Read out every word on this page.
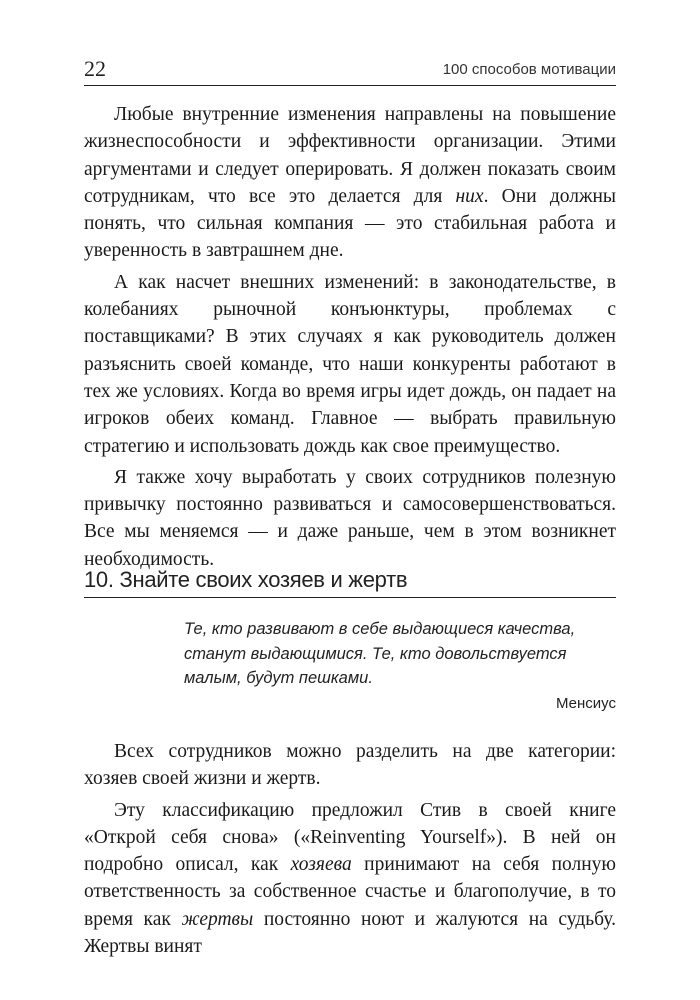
22	100 способов мотивации

Любые внутренние изменения направлены на повышение жизнеспособности и эффективности организации. Этими аргументами и следует оперировать. Я должен показать своим сотрудникам, что все это делается для них. Они должны понять, что сильная компания — это стабильная работа и уверенность в завтрашнем дне.

А как насчет внешних изменений: в законодательстве, в колебаниях рыночной конъюнктуры, проблемах с поставщиками? В этих случаях я как руководитель должен разъяснить своей команде, что наши конкуренты работают в тех же условиях. Когда во время игры идет дождь, он падает на игроков обеих команд. Главное — выбрать правильную стратегию и использовать дождь как свое преимущество.

Я также хочу выработать у своих сотрудников полезную привычку постоянно развиваться и самосовершенствоваться. Все мы меняемся — и даже раньше, чем в этом возникнет необходимость.

10. Знайте своих хозяев и жертв
Те, кто развивают в себе выдающиеся качества,
станут выдающимися. Те, кто довольствуется
малым, будут пешками.
Менсиус

Всех сотрудников можно разделить на две категории: хозяев своей жизни и жертв.

Эту классификацию предложил Стив в своей книге «Открой себя снова» («Reinventing Yourself»). В ней он подробно описал, как хозяева принимают на себя полную ответственность за собственное счастье и благополучие, в то время как жертвы постоянно ноют и жалуются на судьбу. Жертвы винят
